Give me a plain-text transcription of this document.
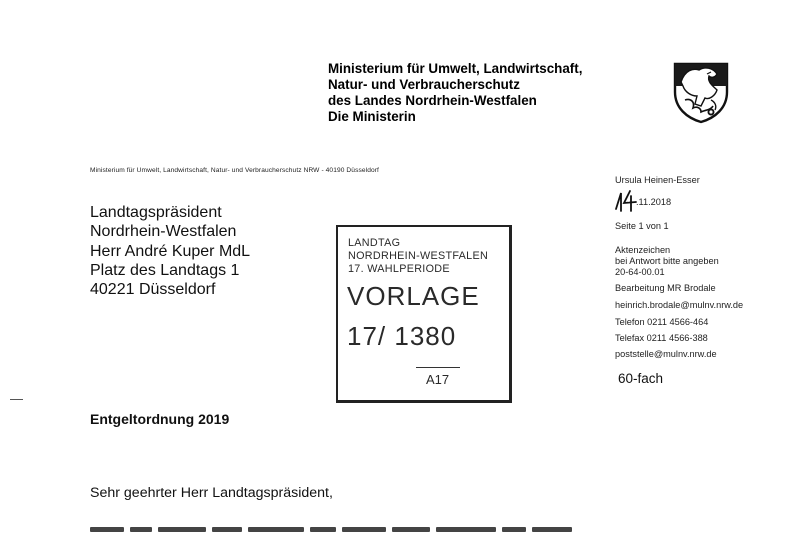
Ministerium für Umwelt, Landwirtschaft,
Natur- und Verbraucherschutz
des Landes Nordrhein-Westfalen
Die Ministerin
Ministerium für Umwelt, Landwirtschaft, Natur- und Verbraucherschutz NRW - 40190 Düsseldorf
Landtagspräsident
Nordrhein-Westfalen
Herr André Kuper MdL
Platz des Landtags 1
40221 Düsseldorf
LANDTAG
NORDRHEIN-WESTFALEN
17. WAHLPERIODE
VORLAGE
17/ 1380
A17
Ursula Heinen-Esser
14 .11.2018
Seite 1 von 1
Aktenzeichen
bei Antwort bitte angeben
20-64-00.01
Bearbeitung MR Brodale
heinrich.brodale@mulnv.nrw.de
Telefon 0211 4566-464
Telefax 0211 4566-388
poststelle@mulnv.nrw.de
60-fach
Entgeltordnung 2019
Sehr geehrter Herr Landtagspräsident,
